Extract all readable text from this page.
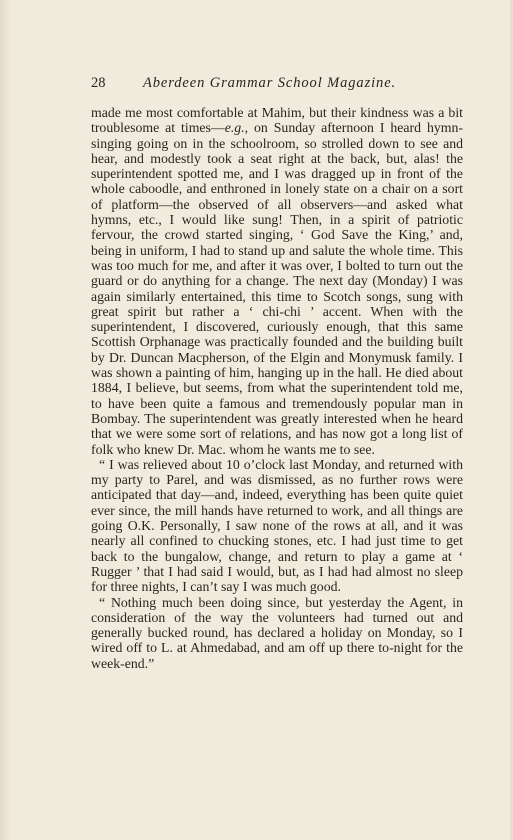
28	Aberdeen Grammar School Magazine.

made me most comfortable at Mahim, but their kindness was a bit troublesome at times—e.g., on Sunday afternoon I heard hymn-singing going on in the schoolroom, so strolled down to see and hear, and modestly took a seat right at the back, but, alas! the superintendent spotted me, and I was dragged up in front of the whole caboodle, and enthroned in lonely state on a chair on a sort of platform—the observed of all observers—and asked what hymns, etc., I would like sung! Then, in a spirit of patriotic fervour, the crowd started singing, ‘ God Save the King,’ and, being in uniform, I had to stand up and salute the whole time. This was too much for me, and after it was over, I bolted to turn out the guard or do anything for a change. The next day (Monday) I was again similarly entertained, this time to Scotch songs, sung with great spirit but rather a ‘ chi-chi ’ accent. When with the superintendent, I discovered, curiously enough, that this same Scottish Orphanage was practically founded and the building built by Dr. Duncan Macpherson, of the Elgin and Monymusk family. I was shown a painting of him, hanging up in the hall. He died about 1884, I believe, but seems, from what the superintendent told me, to have been quite a famous and tremendously popular man in Bombay. The superintendent was greatly interested when he heard that we were some sort of relations, and has now got a long list of folk who knew Dr. Mac. whom he wants me to see.

“ I was relieved about 10 o’clock last Monday, and returned with my party to Parel, and was dismissed, as no further rows were anticipated that day—and, indeed, everything has been quite quiet ever since, the mill hands have returned to work, and all things are going O.K. Personally, I saw none of the rows at all, and it was nearly all confined to chucking stones, etc. I had just time to get back to the bungalow, change, and return to play a game at ‘ Rugger ’ that I had said I would, but, as I had had almost no sleep for three nights, I can’t say I was much good.

“ Nothing much been doing since, but yesterday the Agent, in consideration of the way the volunteers had turned out and generally bucked round, has declared a holiday on Monday, so I wired off to L. at Ahmedabad, and am off up there to-night for the week-end.”
